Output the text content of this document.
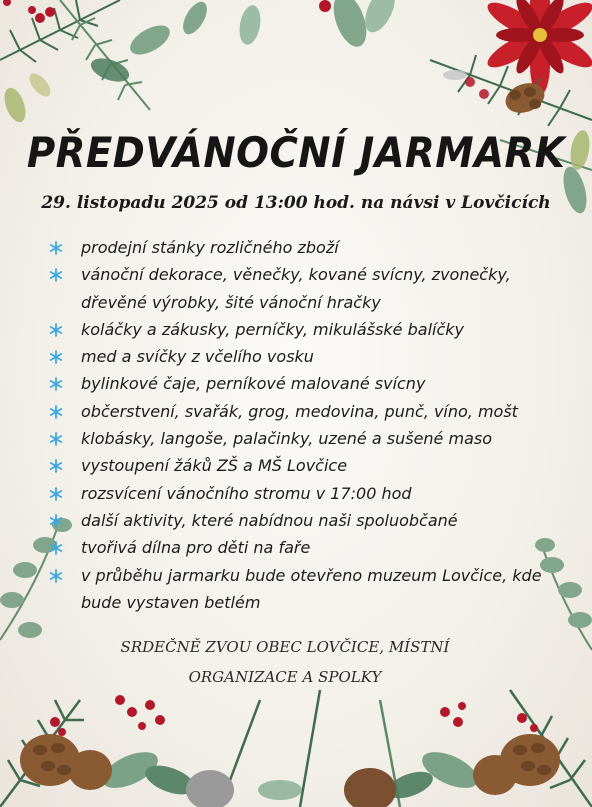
PŘEDVÁNOČNÍ JARMARK
29. listopadu 2025 od 13:00 hod. na návsi v Lovčicích
prodejní stánky rozličného zboží
vánoční dekorace, věnečky, kované svícny, zvonečky, dřevěné výrobky, šité vánoční hračky
koláčky a zákusky, perníčky, mikulášské balíčky
med a svíčky z včelího vosku
bylinkové čaje, perníkové malované svícny
občerstvení, svařák, grog, medovina, punč, víno, mošt
klobásky, langoše, palačinky, uzené a sušené maso
vystoupení žáků ZŠ a MŠ Lovčice
rozsvícení vánočního stromu v 17:00 hod
další aktivity, které nabídnou naši spoluobčané
tvořivá dílna pro děti na faře
v průběhu jarmarku bude otevřeno muzeum Lovčice, kde bude vystaven betlém
SRDEČNĚ ZVOU OBEC LOVČICE, MÍSTNÍ
ORGANIZACE A SPOLKY
